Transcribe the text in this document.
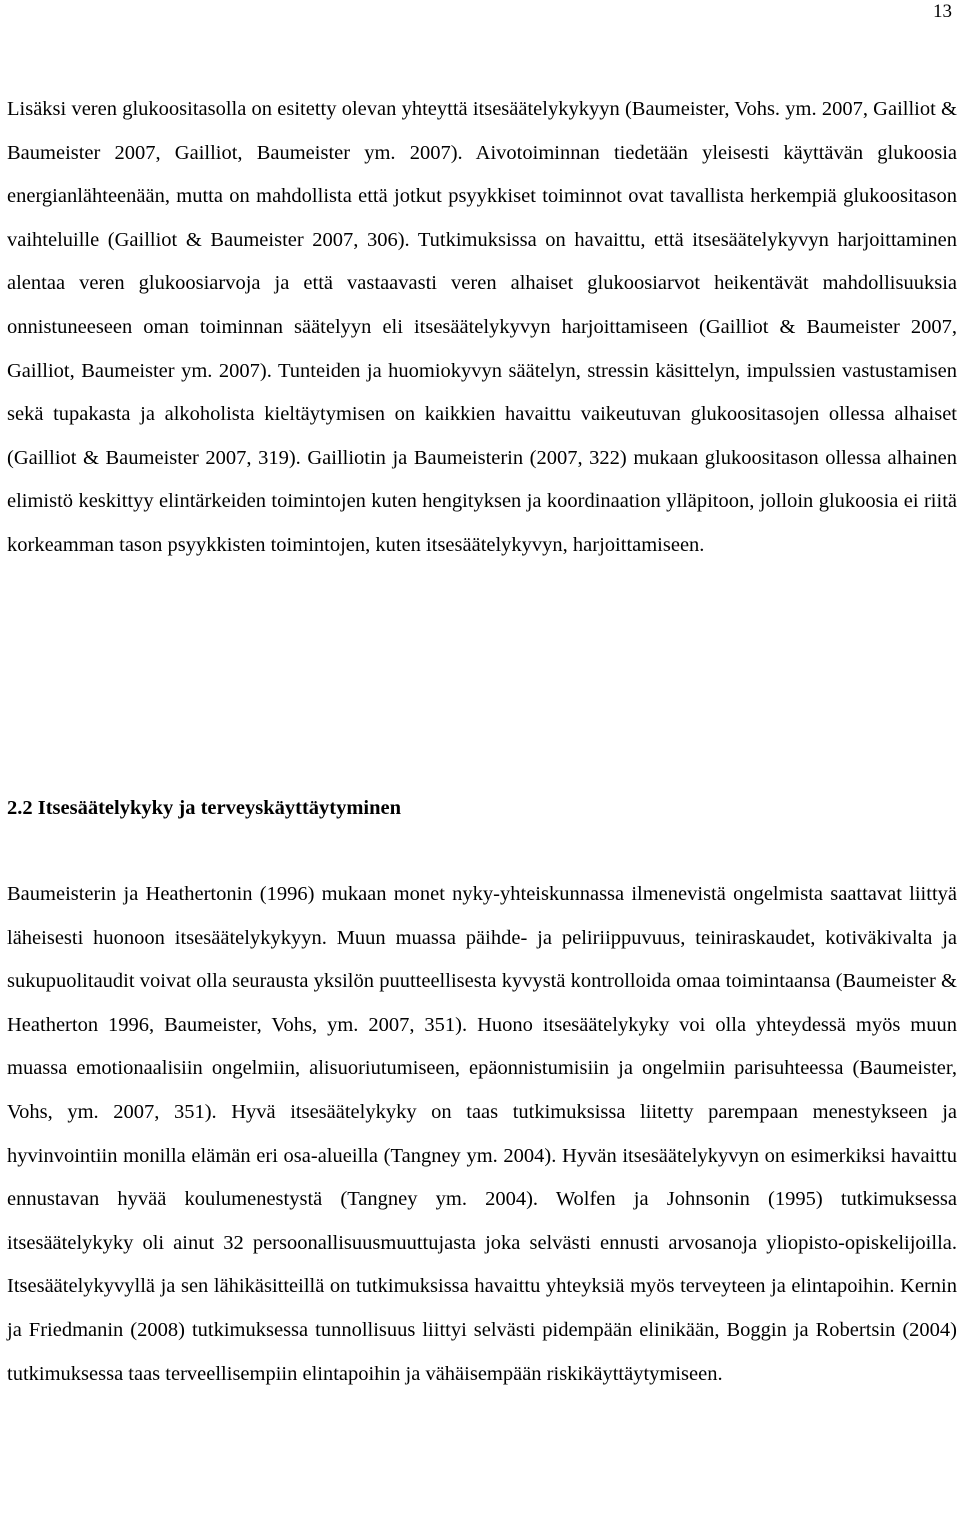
13

Lisäksi veren glukoositasolla on esitetty olevan yhteyttä itsesäätelykykyyn (Baumeister, Vohs. ym. 2007, Gailliot & Baumeister 2007, Gailliot, Baumeister ym. 2007). Aivotoiminnan tiedetään yleisesti käyttävän glukoosia energianlähteenään, mutta on mahdollista että jotkut psyykkiset toiminnot ovat tavallista herkempiä glukoositason vaihteluille (Gailliot & Baumeister 2007, 306). Tutkimuksissa on havaittu, että itsesäätelykyvyn harjoittaminen alentaa veren glukoosiarvoja ja että vastaavasti veren alhaiset glukoosiarvot heikentävät mahdollisuuksia onnistuneeseen oman toiminnan säätelyyn eli itsesäätelykyvyn harjoittamiseen (Gailliot & Baumeister 2007, Gailliot, Baumeister ym. 2007). Tunteiden ja huomiokyvyn säätelyn, stressin käsittelyn, impulssien vastustamisen sekä tupakasta ja alkoholista kieltäytymisen on kaikkien havaittu vaikeutuvan glukoositasojen ollessa alhaiset (Gailliot & Baumeister 2007, 319). Gailliotin ja Baumeisterin (2007, 322) mukaan glukoositason ollessa alhainen elimistö keskittyy elintärkeiden toimintojen kuten hengityksen ja koordinaation ylläpitoon, jolloin glukoosia ei riitä korkeamman tason psyykkisten toimintojen, kuten itsesäätelykyvyn, harjoittamiseen.

2.2 Itsesäätelykyky ja terveyskäyttäytyminen

Baumeisterin ja Heathertonin (1996) mukaan monet nyky-yhteiskunnassa ilmenevistä ongelmista saattavat liittyä läheisesti huonoon itsesäätelykykyyn. Muun muassa päihde- ja peliriippuvuus, teiniraskaudet, kotiväkivalta ja sukupuolitaudit voivat olla seurausta yksilön puutteellisesta kyvystä kontrolloida omaa toimintaansa (Baumeister & Heatherton 1996, Baumeister, Vohs, ym. 2007, 351). Huono itsesäätelykyky voi olla yhteydessä myös muun muassa emotionaalisiin ongelmiin, alisuoriutumiseen, epäonnistumisiin ja ongelmiin parisuhteessa (Baumeister, Vohs, ym. 2007, 351). Hyvä itsesäätelykyky on taas tutkimuksissa liitetty parempaan menestykseen ja hyvinvointiin monilla elämän eri osa-alueilla (Tangney ym. 2004). Hyvän itsesäätelykyvyn on esimerkiksi havaittu ennustavan hyvää koulumenestystä (Tangney ym. 2004). Wolfen ja Johnsonin (1995) tutkimuksessa itsesäätelykyky oli ainut 32 persoonallisuusmuuttujasta joka selvästi ennusti arvosanoja yliopisto-opiskelijoilla. Itsesäätelykyvyllä ja sen lähikäsitteillä on tutkimuksissa havaittu yhteyksiä myös terveyteen ja elintapoihin. Kernin ja Friedmanin (2008) tutkimuksessa tunnollisuus liittyi selvästi pidempään elinikään, Boggin ja Robertsin (2004) tutkimuksessa taas terveellisempiin elintapoihin ja vähäisempään riskikäyttäytymiseen.
